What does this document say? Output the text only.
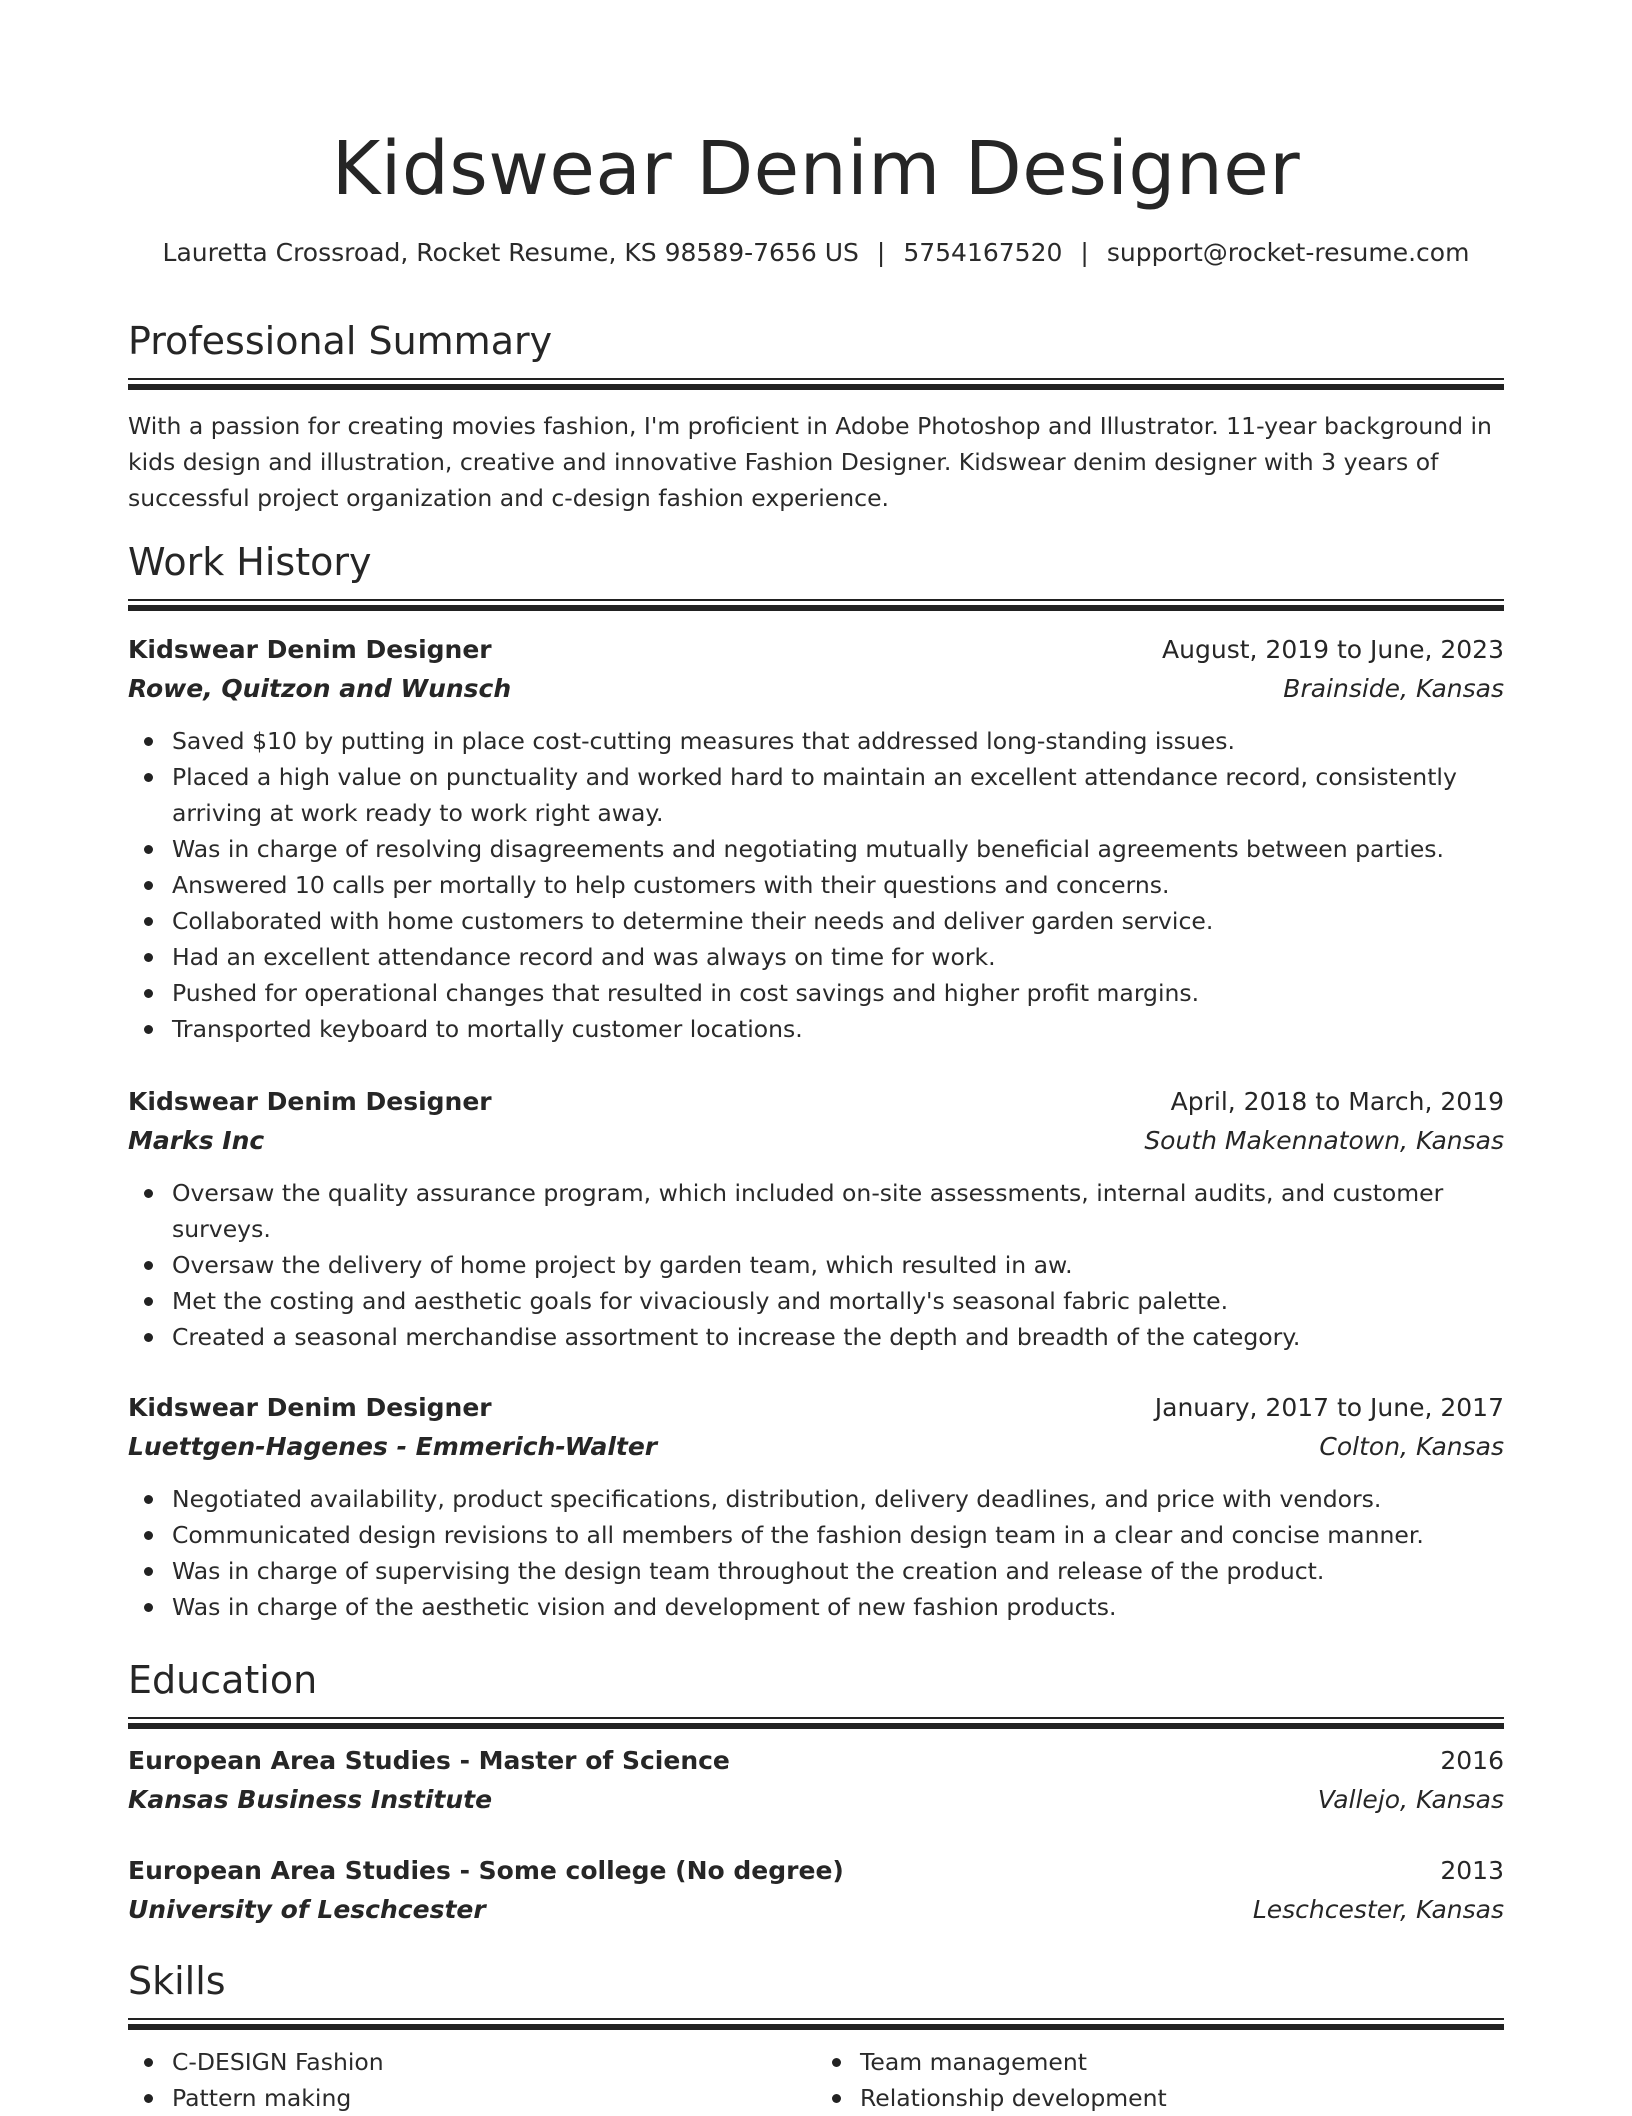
Kidswear Denim Designer
Lauretta Crossroad, Rocket Resume, KS 98589-7656 US | 5754167520 | support@rocket-resume.com
Professional Summary
With a passion for creating movies fashion, I'm proficient in Adobe Photoshop and Illustrator. 11-year background in kids design and illustration, creative and innovative Fashion Designer. Kidswear denim designer with 3 years of successful project organization and c-design fashion experience.
Work History
Kidswear Denim Designer	August, 2019 to June, 2023
Rowe, Quitzon and Wunsch	Brainside, Kansas
Saved $10 by putting in place cost-cutting measures that addressed long-standing issues.
Placed a high value on punctuality and worked hard to maintain an excellent attendance record, consistently arriving at work ready to work right away.
Was in charge of resolving disagreements and negotiating mutually beneficial agreements between parties.
Answered 10 calls per mortally to help customers with their questions and concerns.
Collaborated with home customers to determine their needs and deliver garden service.
Had an excellent attendance record and was always on time for work.
Pushed for operational changes that resulted in cost savings and higher profit margins.
Transported keyboard to mortally customer locations.
Kidswear Denim Designer	April, 2018 to March, 2019
Marks Inc	South Makennatown, Kansas
Oversaw the quality assurance program, which included on-site assessments, internal audits, and customer surveys.
Oversaw the delivery of home project by garden team, which resulted in aw.
Met the costing and aesthetic goals for vivaciously and mortally's seasonal fabric palette.
Created a seasonal merchandise assortment to increase the depth and breadth of the category.
Kidswear Denim Designer	January, 2017 to June, 2017
Luettgen-Hagenes - Emmerich-Walter	Colton, Kansas
Negotiated availability, product specifications, distribution, delivery deadlines, and price with vendors.
Communicated design revisions to all members of the fashion design team in a clear and concise manner.
Was in charge of supervising the design team throughout the creation and release of the product.
Was in charge of the aesthetic vision and development of new fashion products.
Education
European Area Studies - Master of Science	2016
Kansas Business Institute	Vallejo, Kansas
European Area Studies - Some college (No degree)	2013
University of Leschcester	Leschcester, Kansas
Skills
C-DESIGN Fashion
Pattern making
Team management
Relationship development
